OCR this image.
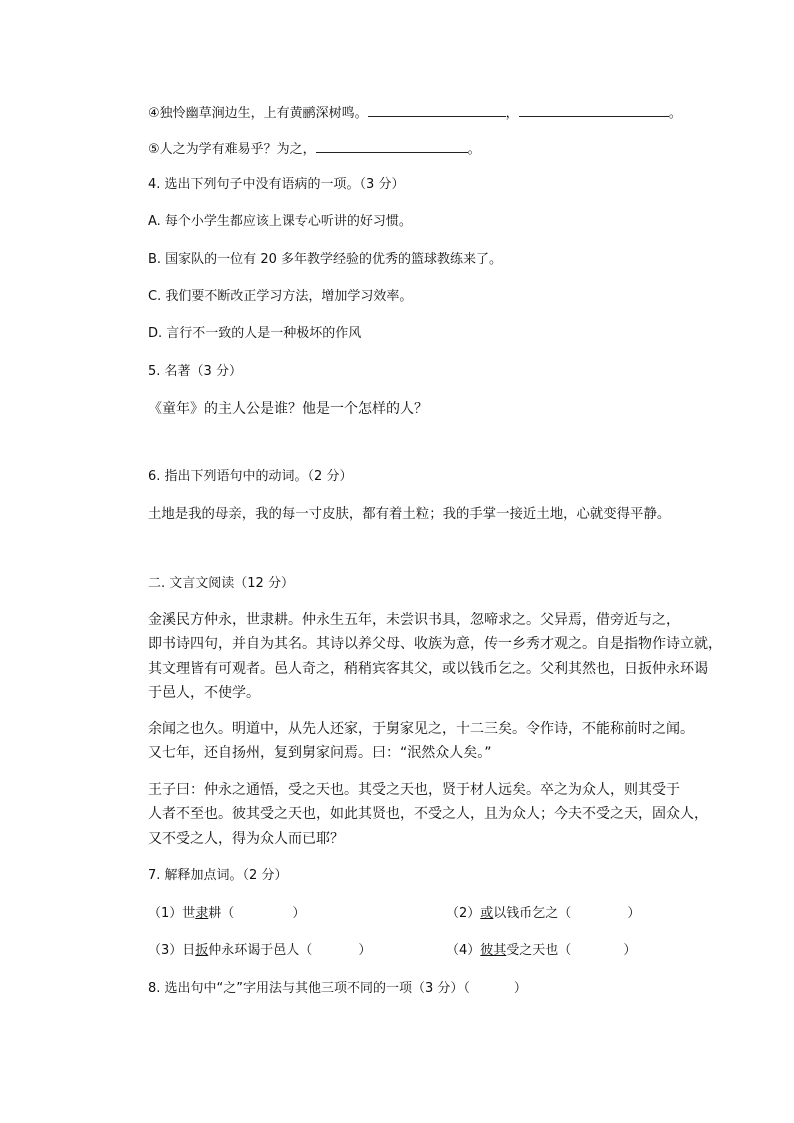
④独怜幽草涧边生，上有黄鹂深树鸣。	，	。
⑤人之为学有难易乎？为之，	。
4. 选出下列句子中没有语病的一项。（3 分）
A. 每个小学生都应该上课专心听讲的好习惯。
B. 国家队的一位有 20 多年教学经验的优秀的篮球教练来了。
C. 我们要不断改正学习方法，增加学习效率。
D. 言行不一致的人是一种极坏的作风
5. 名著（3 分）
《童年》的主人公是谁？他是一个怎样的人？
6. 指出下列语句中的动词。（2 分）
土地是我的母亲，我的每一寸皮肤，都有着土粒；我的手掌一接近土地，心就变得平静。
二. 文言文阅读（12 分）
金溪民方仲永，世隶耕。仲永生五年，未尝识书具，忽啼求之。父异焉，借旁近与之，
即书诗四句，并自为其名。其诗以养父母、收族为意，传一乡秀才观之。自是指物作诗立就，
其文理皆有可观者。邑人奇之，稍稍宾客其父，或以钱币乞之。父利其然也，日扳仲永环谒
于邑人，不使学。
余闻之也久。明道中，从先人还家，于舅家见之，十二三矣。令作诗，不能称前时之闻。
又七年，还自扬州，复到舅家问焉。曰：“泯然众人矣。”
王子曰：仲永之通悟，受之天也。其受之天也，贤于材人远矣。卒之为众人，则其受于
人者不至也。彼其受之天也，如此其贤也，不受之人，且为众人；今夫不受之天，固众人，
又不受之人，得为众人而已耶？
7. 解释加点词。（2 分）
（1）世隶耕（	）	（2）或以钱币乞之（	）
（3）日扳仲永环谒于邑人（	）	（4）彼其受之天也（	）
8. 选出句中“之”字用法与其他三项不同的一项（3 分）（	）
